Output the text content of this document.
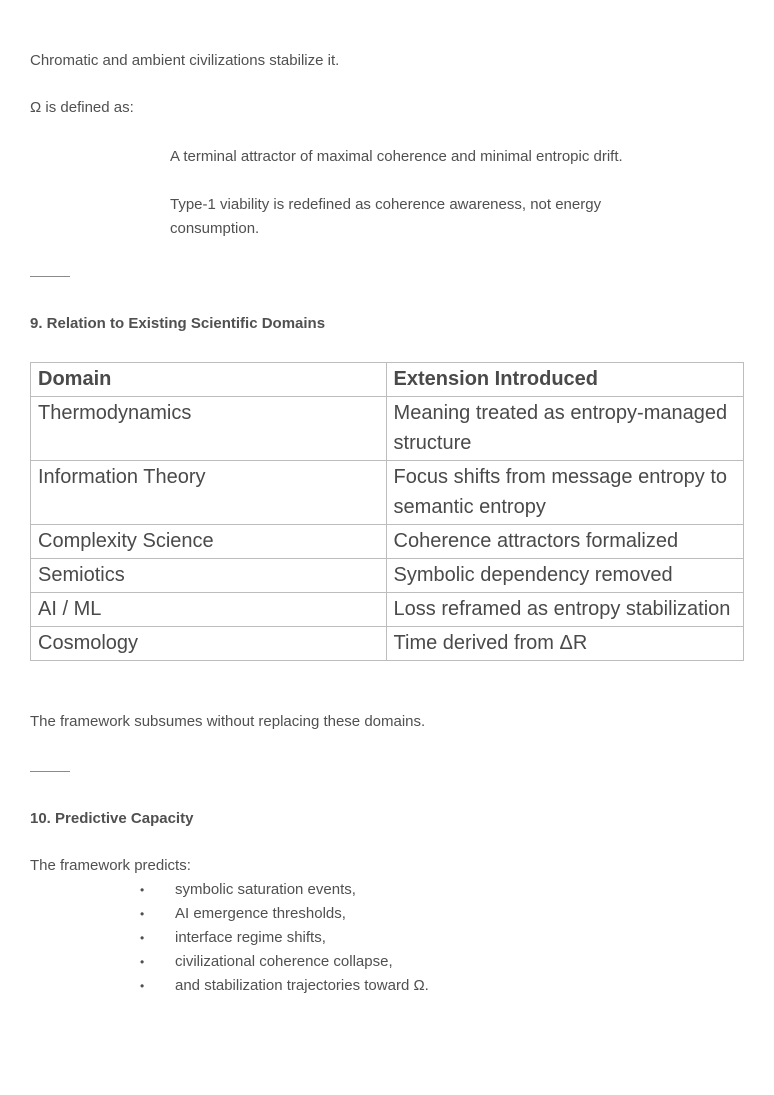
Chromatic and ambient civilizations stabilize it.

Ω is defined as:

A terminal attractor of maximal coherence and minimal entropic drift.

Type-1 viability is redefined as coherence awareness, not energy consumption.

9. Relation to Existing Scientific Domains

Domain	Extension Introduced
Thermodynamics	Meaning treated as entropy-managed structure
Information Theory	Focus shifts from message entropy to semantic entropy
Complexity Science	Coherence attractors formalized
Semiotics	Symbolic dependency removed
AI / ML	Loss reframed as entropy stabilization
Cosmology	Time derived from ΔR

The framework subsumes without replacing these domains.

10. Predictive Capacity

The framework predicts:

• symbolic saturation events,
• AI emergence thresholds,
• interface regime shifts,
• civilizational coherence collapse,
• and stabilization trajectories toward Ω.
